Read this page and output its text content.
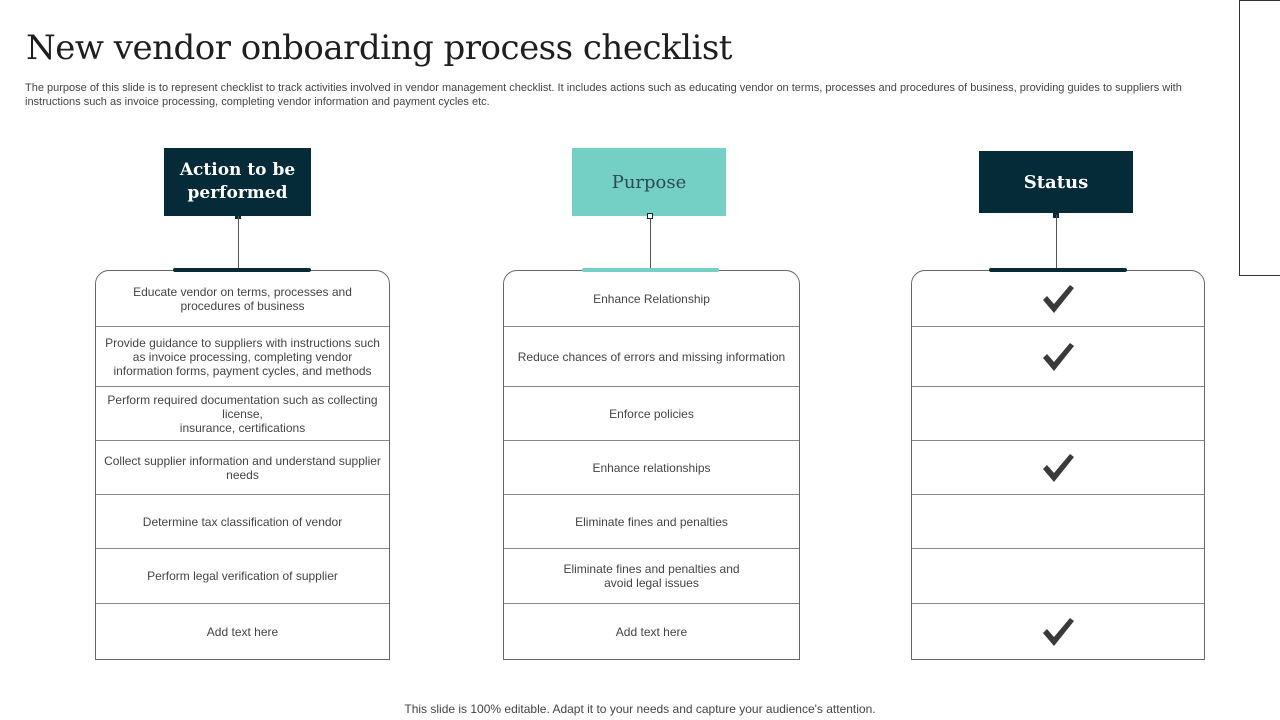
New vendor onboarding process checklist
The purpose of this slide is to represent checklist to track activities involved in vendor management checklist. It includes actions such as educating vendor on terms, processes and procedures of business, providing guides to suppliers with instructions such as invoice processing, completing vendor information and payment cycles etc.
Action to be performed
Educate vendor on terms, processes and procedures of business
Provide guidance to suppliers with instructions such as invoice processing, completing vendor information forms, payment cycles, and methods
Perform required documentation such as collecting license,
insurance, certifications
Collect supplier information and understand supplier needs
Determine tax classification of vendor
Perform legal verification of supplier
Add text here
Purpose
Enhance Relationship
Reduce chances of errors and missing information
Enforce policies
Enhance relationships
Eliminate fines and penalties
Eliminate fines and penalties and avoid legal issues
Add text here
Status
This slide is 100% editable. Adapt it to your needs and capture your audience's attention.
